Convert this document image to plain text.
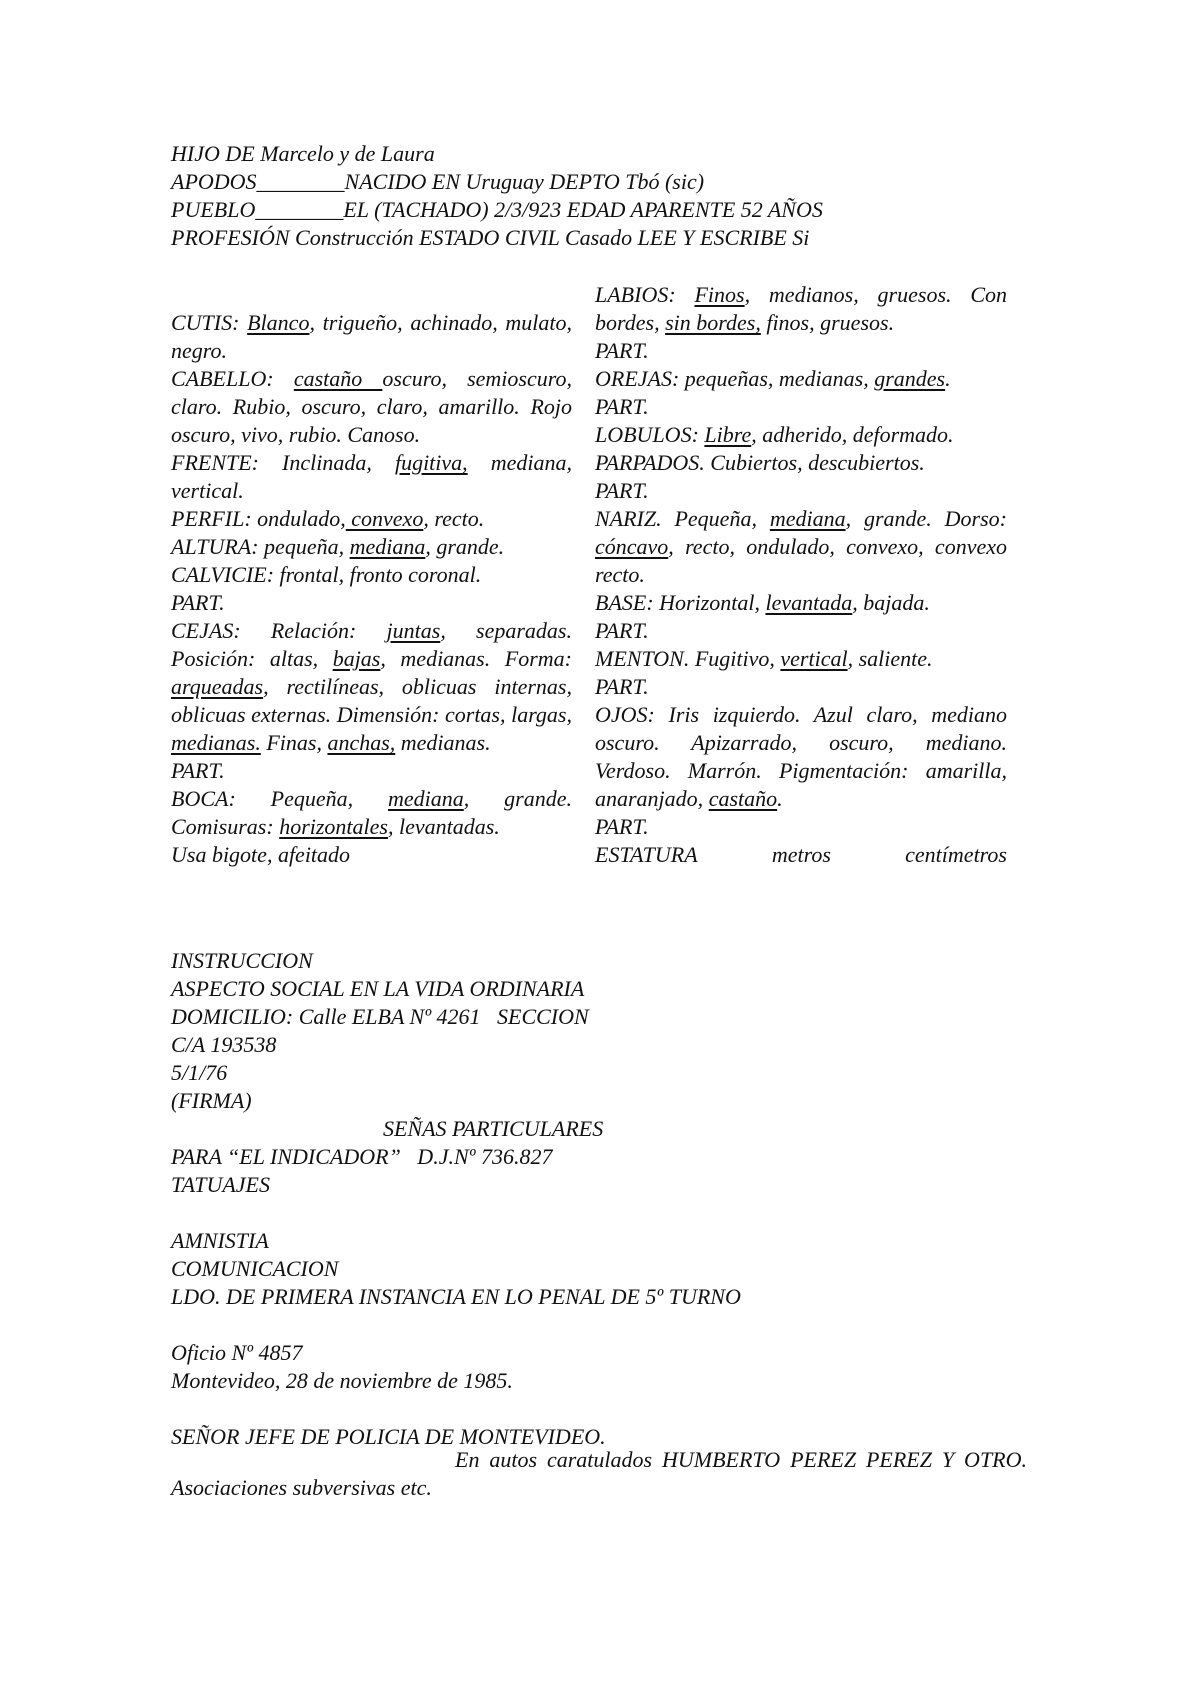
HIJO DE Marcelo y de Laura
APODOS________NACIDO EN Uruguay DEPTO Tbó (sic)
PUEBLO________EL (TACHADO) 2/3/923 EDAD APARENTE 52 AÑOS
PROFESIÓN Construcción ESTADO CIVIL Casado LEE Y ESCRIBE Si
CUTIS: Blanco, trigueño, achinado, mulato, negro.
CABELLO: castaño oscuro, semioscuro, claro. Rubio, oscuro, claro, amarillo. Rojo oscuro, vivo, rubio. Canoso.
FRENTE: Inclinada, fugitiva, mediana, vertical.
PERFIL: ondulado, convexo, recto.
ALTURA: pequeña, mediana, grande.
CALVICIE: frontal, fronto coronal.
PART.
CEJAS: Relación: juntas, separadas. Posición: altas, bajas, medianas. Forma: arqueadas, rectilíneas, oblicuas internas, oblicuas externas. Dimensión: cortas, largas, medianas. Finas, anchas, medianas.
PART.
BOCA: Pequeña, mediana, grande. Comisuras: horizontales, levantadas.
Usa bigote, afeitado
LABIOS: Finos, medianos, gruesos. Con bordes, sin bordes, finos, gruesos.
PART.
OREJAS: pequeñas, medianas, grandes.
PART.
LOBULOS: Libre, adherido, deformado.
PARPADOS. Cubiertos, descubiertos.
PART.
NARIZ. Pequeña, mediana, grande. Dorso: cóncavo, recto, ondulado, convexo, convexo recto.
BASE: Horizontal, levantada, bajada.
PART.
MENTON. Fugitivo, vertical, saliente.
PART.
OJOS: Iris izquierdo. Azul claro, mediano oscuro. Apizarrado, oscuro, mediano. Verdoso. Marrón. Pigmentación: amarilla, anaranjado, castaño.
PART.
ESTATURA	metros	centímetros
INSTRUCCION
ASPECTO SOCIAL EN LA VIDA ORDINARIA
DOMICILIO: Calle ELBA Nº 4261   SECCION
C/A 193538
5/1/76
(FIRMA)
SEÑAS PARTICULARES
PARA “EL INDICADOR”   D.J.Nº 736.827
TATUAJES
AMNISTIA
COMUNICACION
LDO. DE PRIMERA INSTANCIA EN LO PENAL DE 5º TURNO
Oficio Nº 4857
Montevideo, 28 de noviembre de 1985.
SEÑOR JEFE DE POLICIA DE MONTEVIDEO.
En autos caratulados HUMBERTO PEREZ PEREZ Y OTRO. Asociaciones subversivas etc.
